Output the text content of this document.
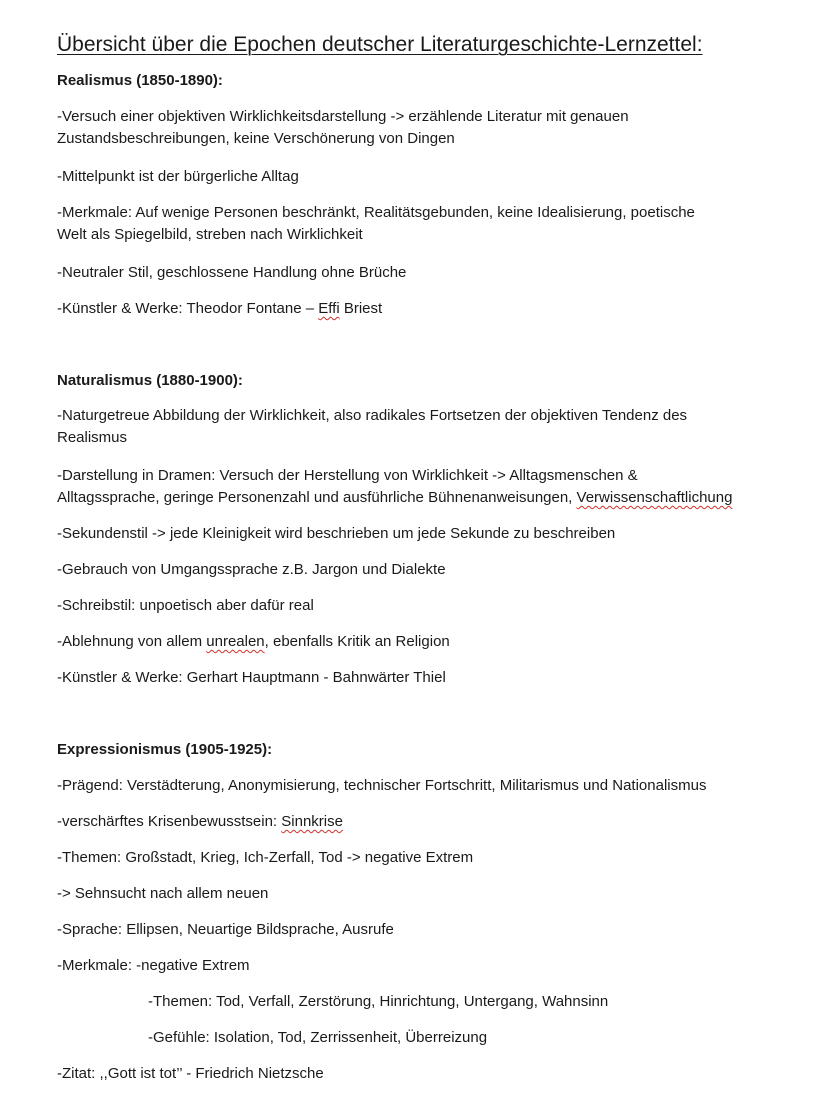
Übersicht über die Epochen deutscher Literaturgeschichte-Lernzettel:
Realismus (1850-1890):
-Versuch einer objektiven Wirklichkeitsdarstellung -> erzählende Literatur mit genauen
Zustandsbeschreibungen, keine Verschönerung von Dingen
-Mittelpunkt ist der bürgerliche Alltag
-Merkmale: Auf wenige Personen beschränkt, Realitätsgebunden, keine Idealisierung, poetische
Welt als Spiegelbild, streben nach Wirklichkeit
-Neutraler Stil, geschlossene Handlung ohne Brüche
-Künstler & Werke: Theodor Fontane – Effi Briest
Naturalismus (1880-1900):
-Naturgetreue Abbildung der Wirklichkeit, also radikales Fortsetzen der objektiven Tendenz des
Realismus
-Darstellung in Dramen: Versuch der Herstellung von Wirklichkeit -> Alltagsmenschen &
Alltagssprache, geringe Personenzahl und ausführliche Bühnenanweisungen, Verwissenschaftlichung
-Sekundenstil -> jede Kleinigkeit wird beschrieben um jede Sekunde zu beschreiben
-Gebrauch von Umgangssprache z.B. Jargon und Dialekte
-Schreibstil: unpoetisch aber dafür real
-Ablehnung von allem unrealen, ebenfalls Kritik an Religion
-Künstler & Werke: Gerhart Hauptmann - Bahnwärter Thiel
Expressionismus (1905-1925):
-Prägend: Verstädterung, Anonymisierung, technischer Fortschritt, Militarismus und Nationalismus
-verschärftes Krisenbewusstsein: Sinnkrise
-Themen: Großstadt, Krieg, Ich-Zerfall, Tod -> negative Extrem
-> Sehnsucht nach allem neuen
-Sprache: Ellipsen, Neuartige Bildsprache, Ausrufe
-Merkmale: -negative Extrem
-Themen: Tod, Verfall, Zerstörung, Hinrichtung, Untergang, Wahnsinn
-Gefühle: Isolation, Tod, Zerrissenheit, Überreizung
-Zitat: ,,Gott ist tot’’ - Friedrich Nietzsche
